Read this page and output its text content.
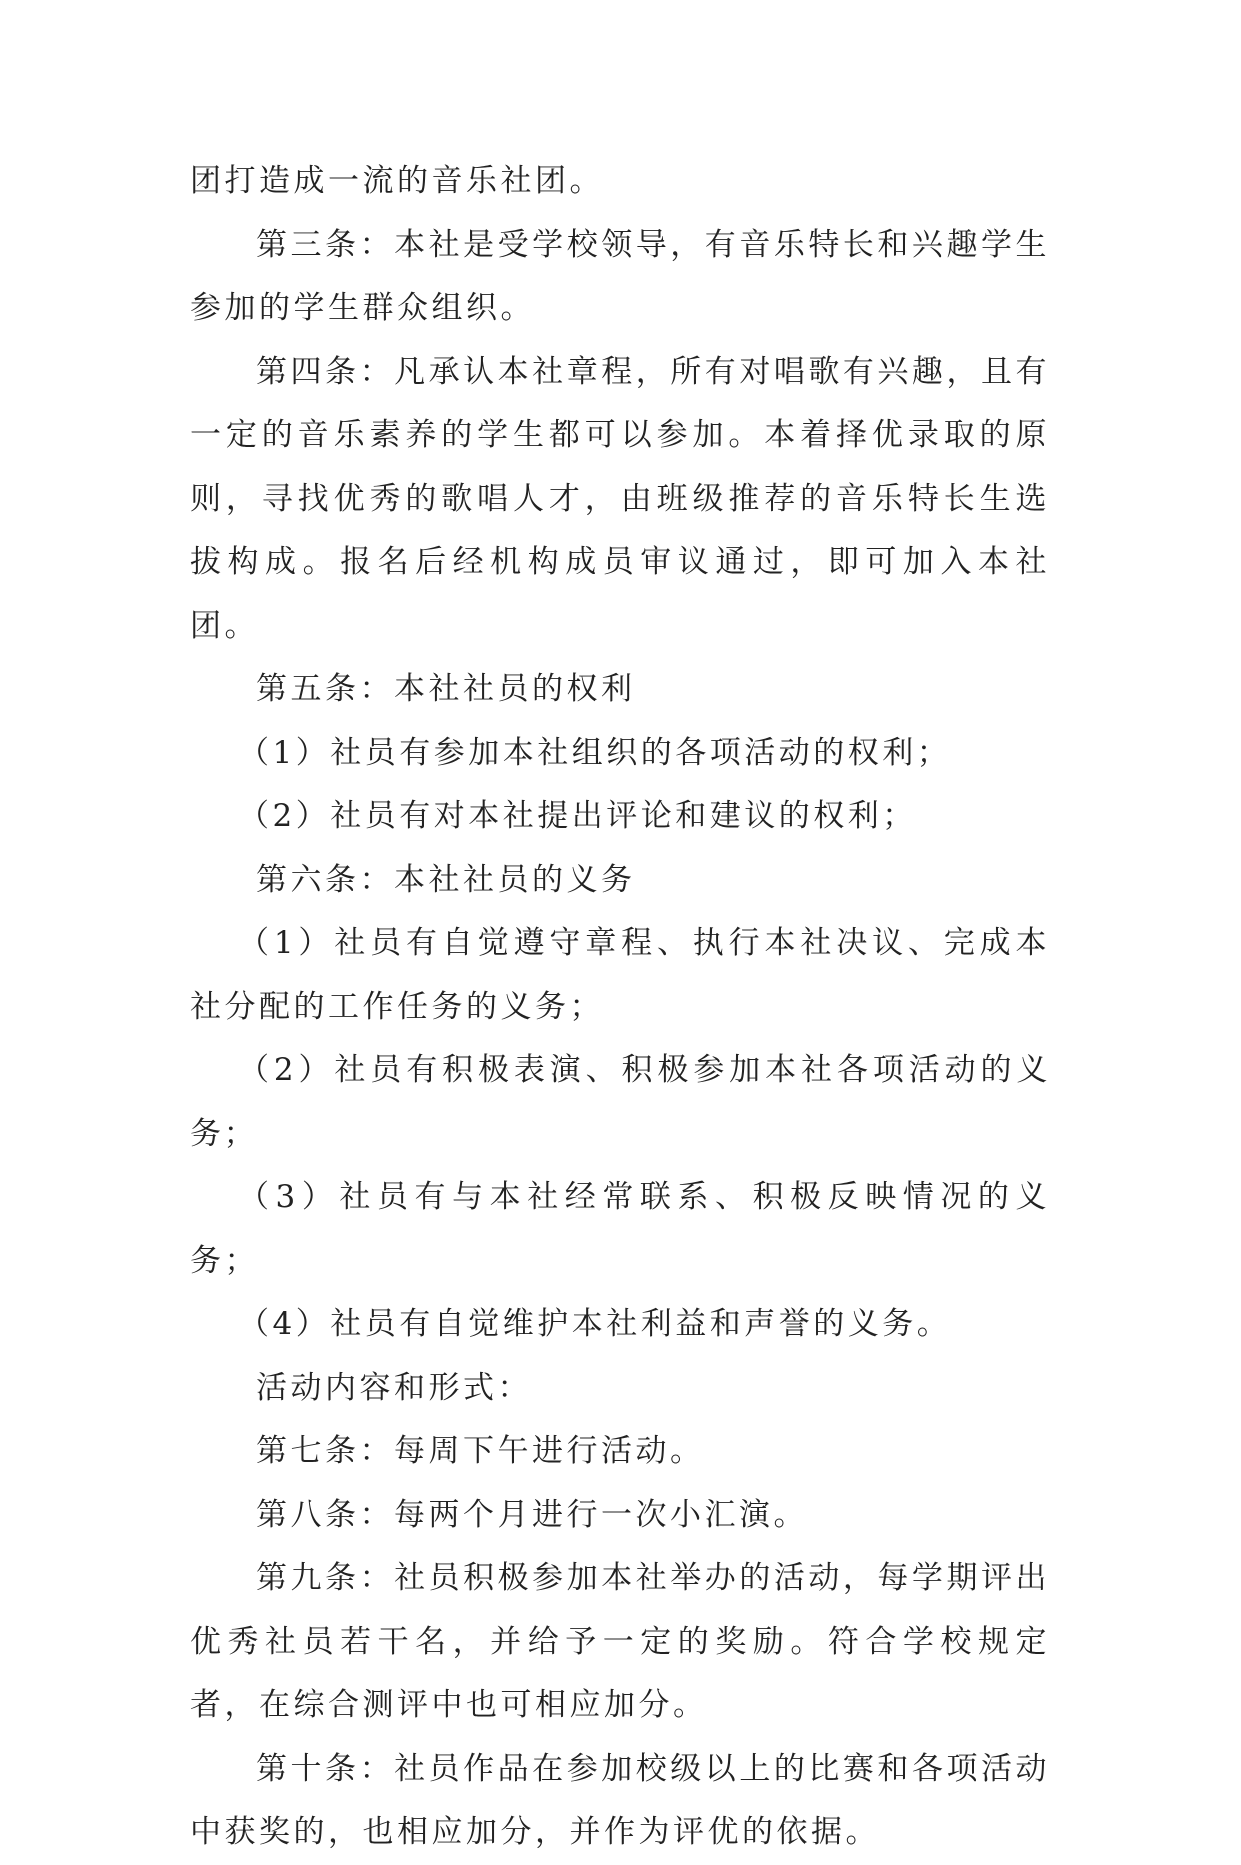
团打造成一流的音乐社团。

第三条：本社是受学校领导，有音乐特长和兴趣学生参加的学生群众组织。

第四条：凡承认本社章程，所有对唱歌有兴趣，且有一定的音乐素养的学生都可以参加。本着择优录取的原则，寻找优秀的歌唱人才，由班级推荐的音乐特长生选拔构成。报名后经机构成员审议通过，即可加入本社团。

第五条：本社社员的权利

（1）社员有参加本社组织的各项活动的权利；

（2）社员有对本社提出评论和建议的权利；

第六条：本社社员的义务

（1）社员有自觉遵守章程、执行本社决议、完成本社分配的工作任务的义务；

（2）社员有积极表演、积极参加本社各项活动的义务；

（3）社员有与本社经常联系、积极反映情况的义务；

（4）社员有自觉维护本社利益和声誉的义务。

活动内容和形式：

第七条：每周下午进行活动。

第八条：每两个月进行一次小汇演。

第九条：社员积极参加本社举办的活动，每学期评出优秀社员若干名，并给予一定的奖励。符合学校规定者，在综合测评中也可相应加分。

第十条：社员作品在参加校级以上的比赛和各项活动中获奖的，也相应加分，并作为评优的依据。
